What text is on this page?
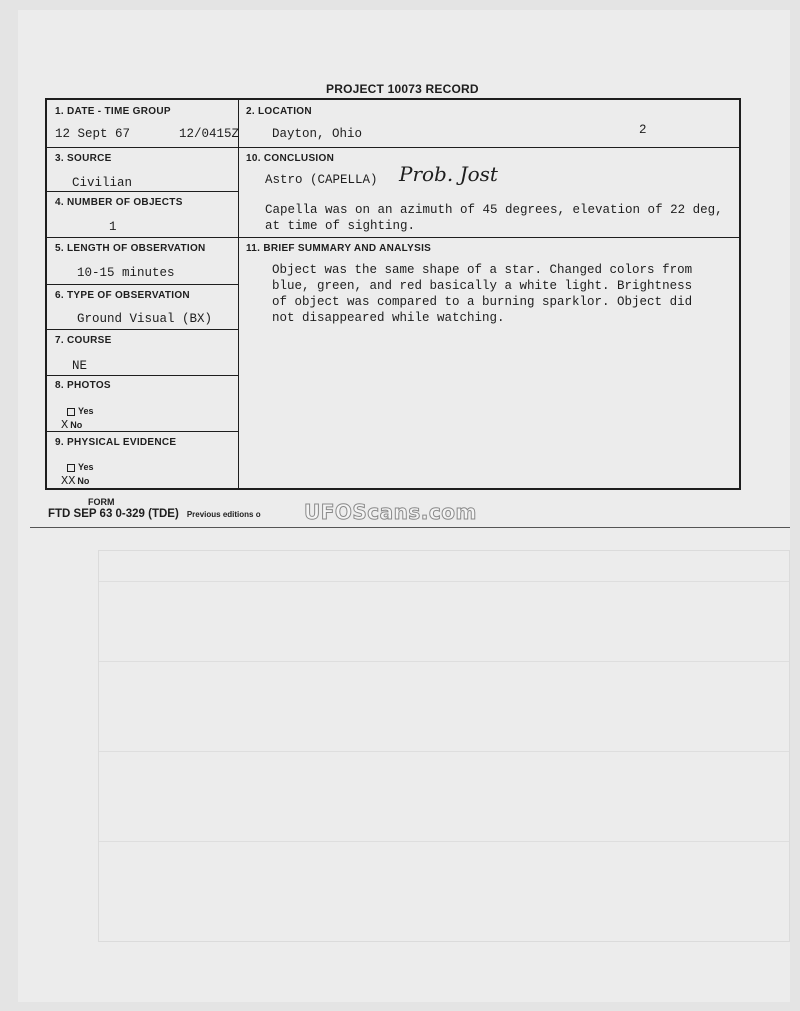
PROJECT 10073 RECORD
1. DATE - TIME GROUP
12 Sept 67	12/0415Z
2. LOCATION
Dayton, Ohio	2
3. SOURCE
Civilian
4. NUMBER OF OBJECTS
1
5. LENGTH OF OBSERVATION
10-15 minutes
6. TYPE OF OBSERVATION
Ground Visual (BX)
7. COURSE
NE
8. PHOTOS
Yes
X No
9. PHYSICAL EVIDENCE
Yes
XX No
10. CONCLUSION
Astro (CAPELLA) Prob. Jost
Capella was on an azimuth of 45 degrees, elevation of 22 deg,
at time of sighting.
11. BRIEF SUMMARY AND ANALYSIS
Object was the same shape of a star. Changed colors from
blue, green, and red basically a white light. Brightness
of object was compared to a burning sparklor. Object did
not disappeared while watching.
FORM
FTD SEP 63 0-329 (TDE) Previous editions o UFOScans.com
